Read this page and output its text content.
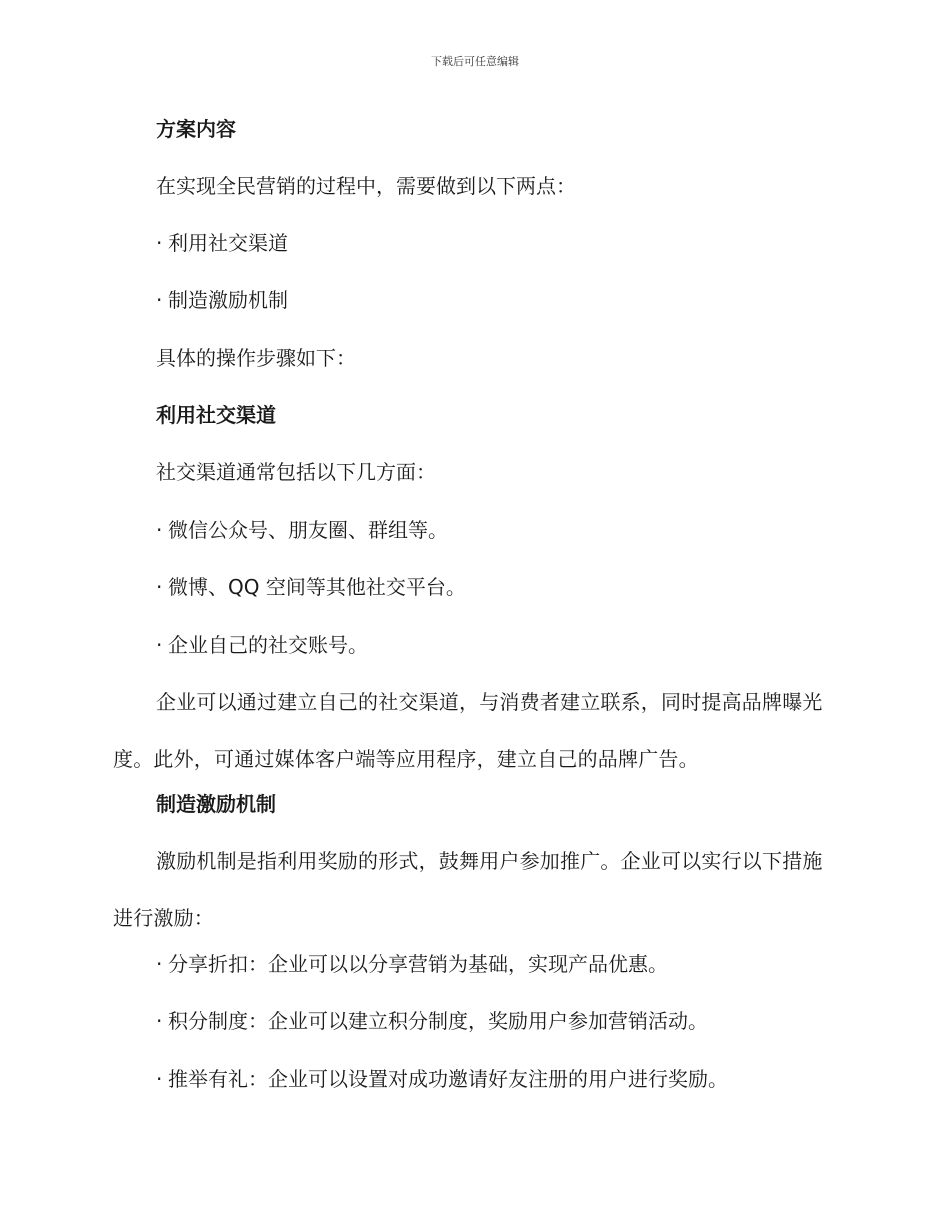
下载后可任意编辑
方案内容
在实现全民营销的过程中，需要做到以下两点：
· 利用社交渠道
· 制造激励机制
具体的操作步骤如下：
利用社交渠道
社交渠道通常包括以下几方面：
· 微信公众号、朋友圈、群组等。
· 微博、QQ 空间等其他社交平台。
· 企业自己的社交账号。
企业可以通过建立自己的社交渠道，与消费者建立联系，同时提高品牌曝光度。此外，可通过媒体客户端等应用程序，建立自己的品牌广告。
制造激励机制
激励机制是指利用奖励的形式，鼓舞用户参加推广。企业可以实行以下措施进行激励：
· 分享折扣：企业可以以分享营销为基础，实现产品优惠。
· 积分制度：企业可以建立积分制度，奖励用户参加营销活动。
· 推举有礼：企业可以设置对成功邀请好友注册的用户进行奖励。
